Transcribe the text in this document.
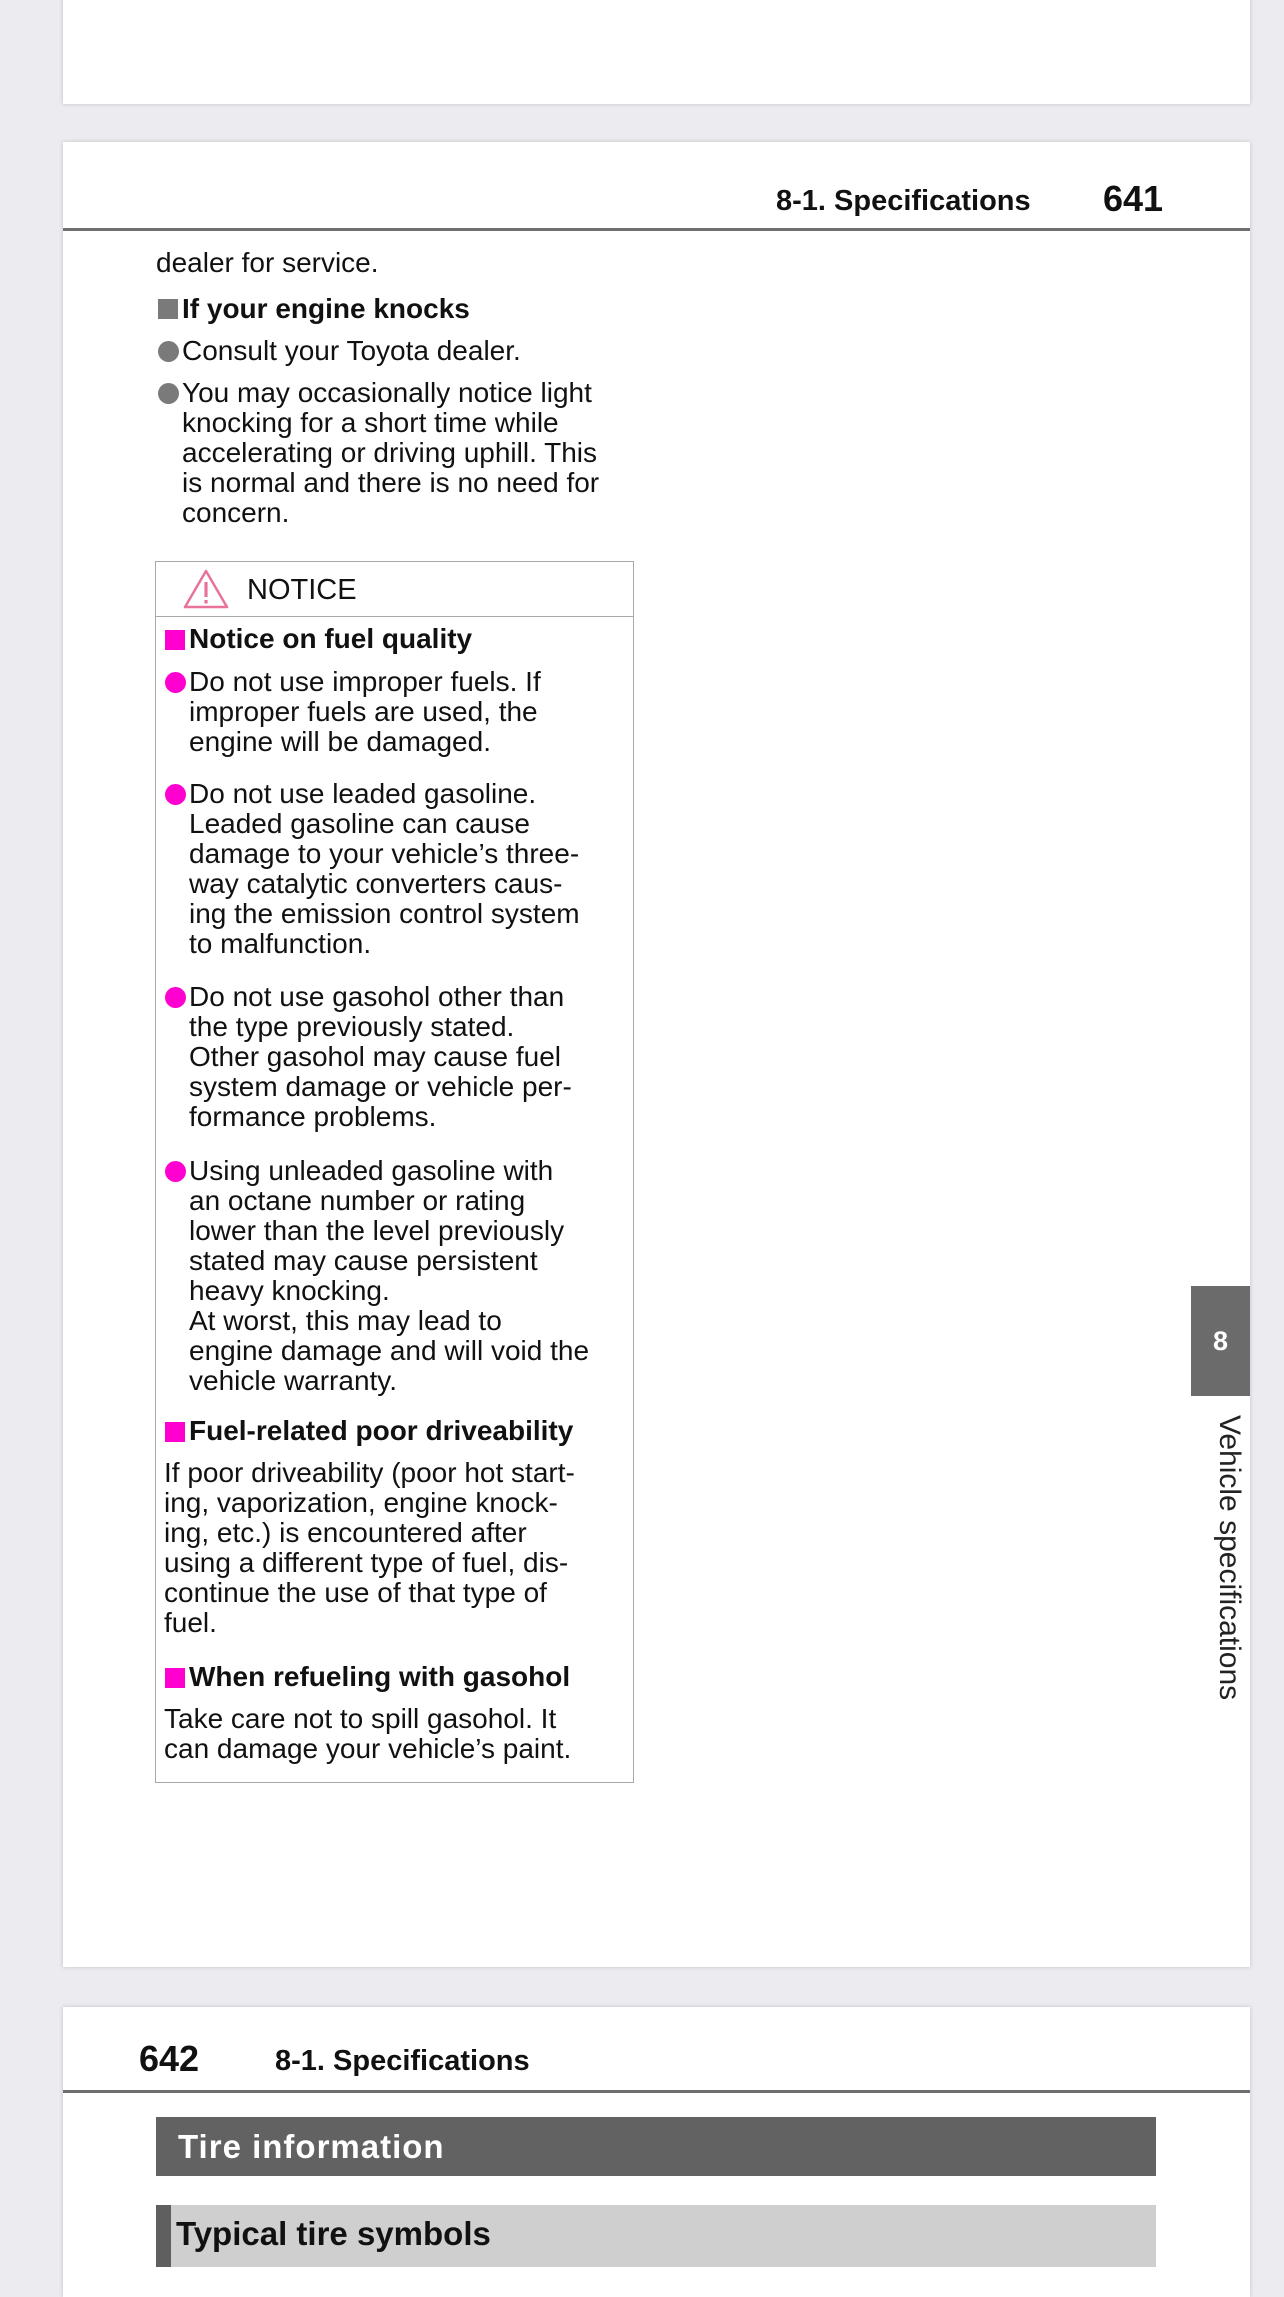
8-1. Specifications 641
dealer for service.
If your engine knocks
Consult your Toyota dealer.
You may occasionally notice light
knocking for a short time while
accelerating or driving uphill. This
is normal and there is no need for
concern.
NOTICE
Notice on fuel quality
Do not use improper fuels. If
improper fuels are used, the
engine will be damaged.
Do not use leaded gasoline.
Leaded gasoline can cause
damage to your vehicle’s three-
way catalytic converters caus-
ing the emission control system
to malfunction.
Do not use gasohol other than
the type previously stated.
Other gasohol may cause fuel
system damage or vehicle per-
formance problems.
Using unleaded gasoline with
an octane number or rating
lower than the level previously
stated may cause persistent
heavy knocking.
At worst, this may lead to
engine damage and will void the
vehicle warranty.
Fuel-related poor driveability
If poor driveability (poor hot start-
ing, vaporization, engine knock-
ing, etc.) is encountered after
using a different type of fuel, dis-
continue the use of that type of
fuel.
When refueling with gasohol
Take care not to spill gasohol. It
can damage your vehicle’s paint.
8
Vehicle specifications
642	8-1. Specifications
Tire information
Typical tire symbols
